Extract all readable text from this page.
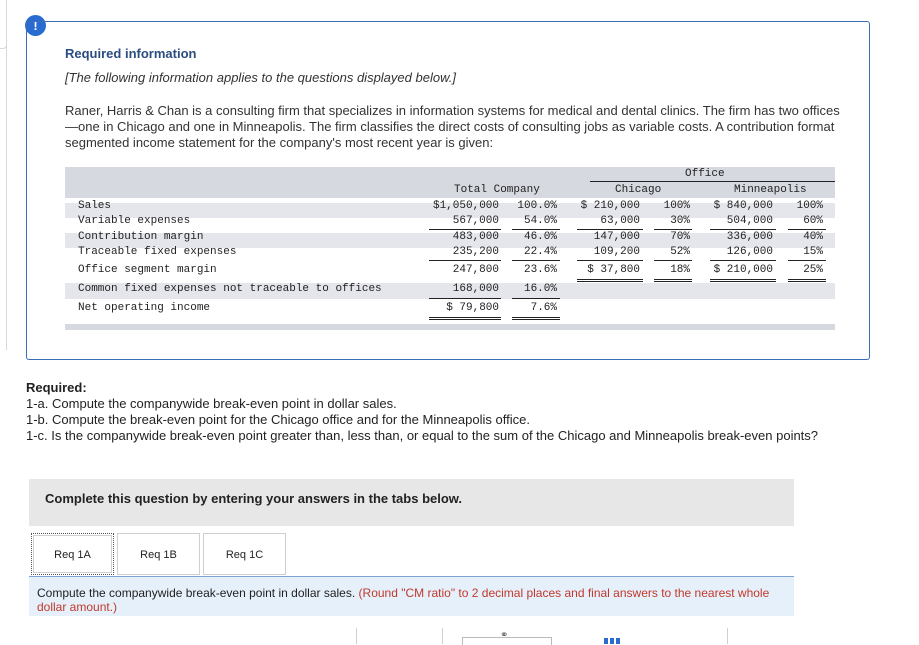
!
Required information
[The following information applies to the questions displayed below.]
Raner, Harris & Chan is a consulting firm that specializes in information systems for medical and dental clinics. The firm has two offices—one in Chicago and one in Minneapolis. The firm classifies the direct costs of consulting jobs as variable costs. A contribution format segmented income statement for the company's most recent year is given:
Office
Total Company	Chicago	Minneapolis
Sales	$1,050,000	100.0%	$ 210,000	100%	$ 840,000	100%
Variable expenses	567,000	54.0%	63,000	30%	504,000	60%
Contribution margin	483,000	46.0%	147,000	70%	336,000	40%
Traceable fixed expenses	235,200	22.4%	109,200	52%	126,000	15%
Office segment margin	247,800	23.6%	$ 37,800	18%	$ 210,000	25%
Common fixed expenses not traceable to offices	168,000	16.0%
Net operating income	$ 79,800	7.6%
Required:
1-a. Compute the companywide break-even point in dollar sales.
1-b. Compute the break-even point for the Chicago office and for the Minneapolis office.
1-c. Is the companywide break-even point greater than, less than, or equal to the sum of the Chicago and Minneapolis break-even points?
Complete this question by entering your answers in the tabs below.
Req 1A	Req 1B	Req 1C
Compute the companywide break-even point in dollar sales. (Round "CM ratio" to 2 decimal places and final answers to the nearest whole dollar amount.)
⚭
